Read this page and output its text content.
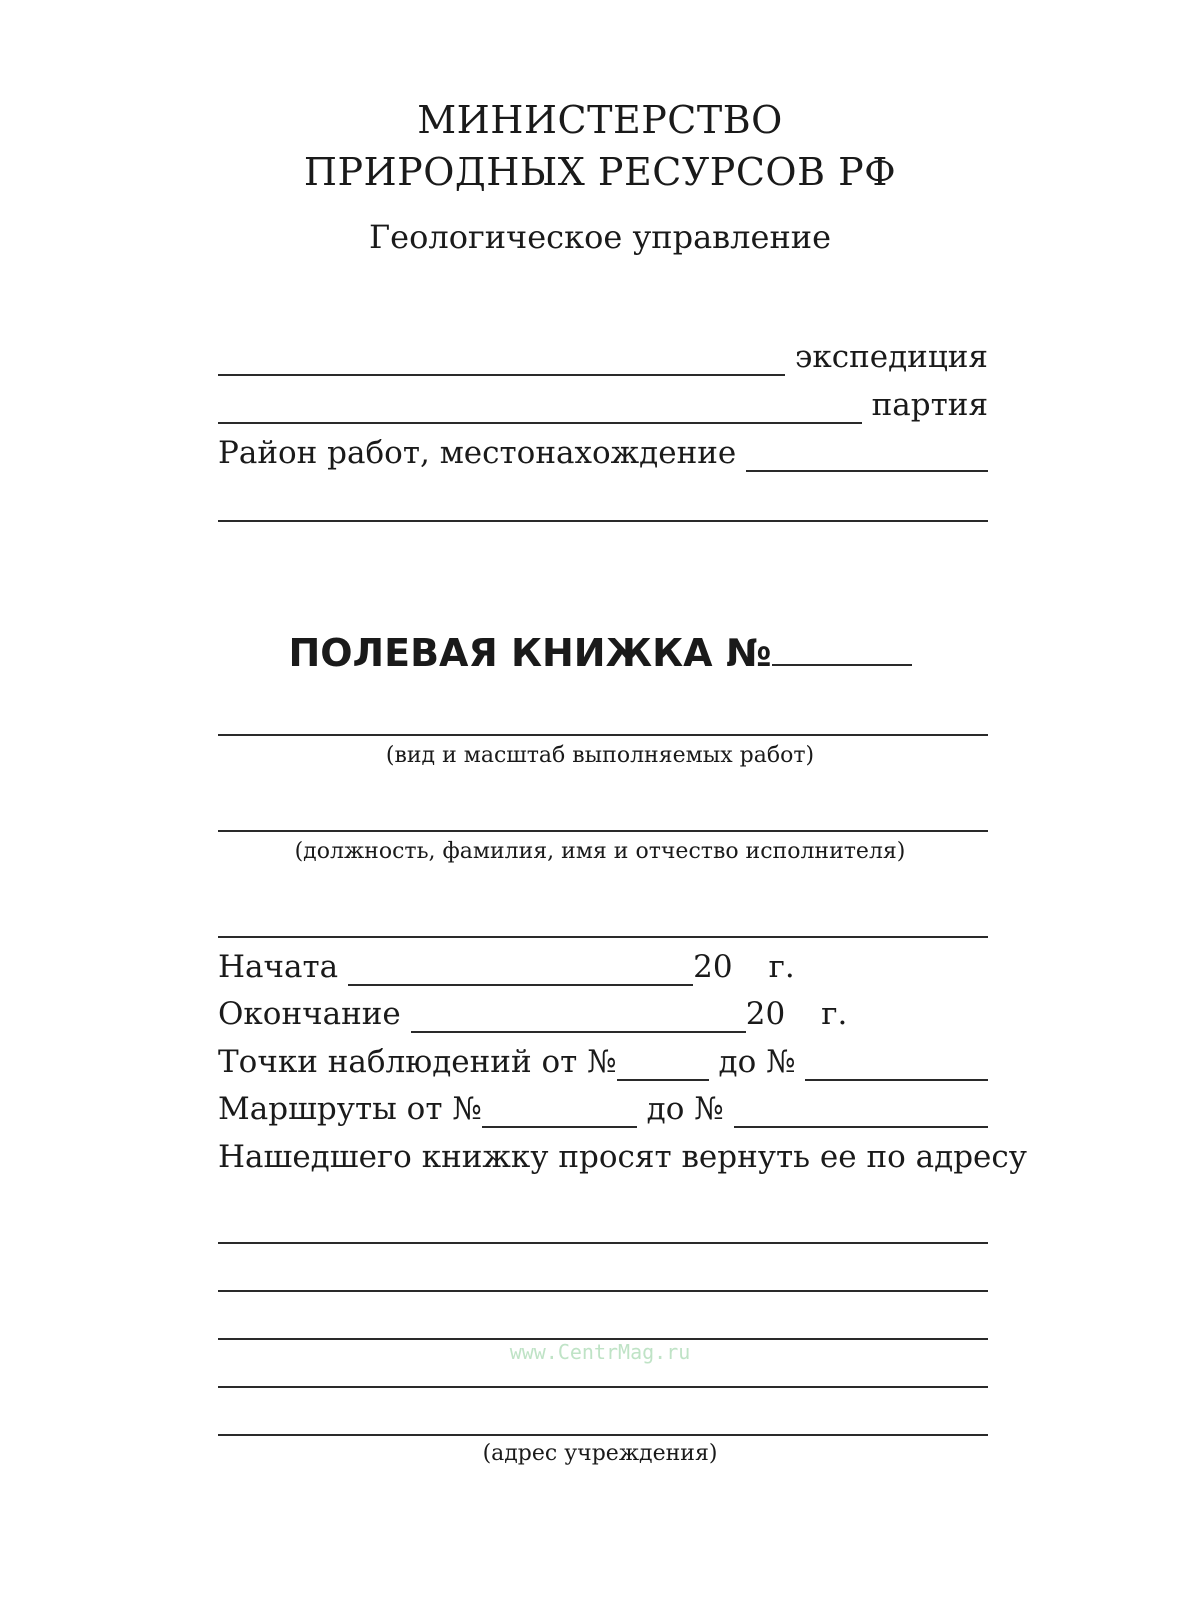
МИНИСТЕРСТВО
ПРИРОДНЫХ РЕСУРСОВ РФ
Геологическое управление
экспедиция
партия
Район работ, местонахождение
ПОЛЕВАЯ КНИЖКА №
(вид и масштаб выполняемых работ)
(должность, фамилия, имя и отчество исполнителя)
Начата	20 г.
Окончание	20 г.
Точки наблюдений от №	до №
Маршруты от №	до №
Нашедшего книжку просят вернуть ее по адресу
www.CentrMag.ru
(адрес учреждения)
